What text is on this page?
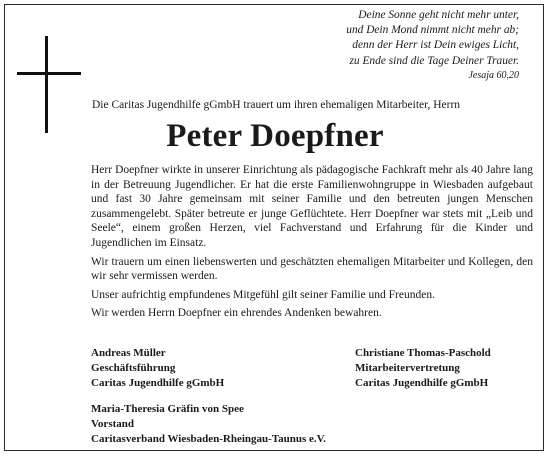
Deine Sonne geht nicht mehr unter,
und Dein Mond nimmt nicht mehr ab;
denn der Herr ist Dein ewiges Licht,
zu Ende sind die Tage Deiner Trauer.
Jesaja 60,20
Die Caritas Jugendhilfe gGmbH trauert um ihren ehemaligen Mitarbeiter, Herrn
Peter Doepfner

Herr Doepfner wirkte in unserer Einrichtung als pädagogische Fachkraft mehr als 40 Jahre lang in der Betreuung Jugendlicher. Er hat die erste Familienwohngruppe in Wiesbaden aufgebaut und fast 30 Jahre gemeinsam mit seiner Familie und den betreuten jungen Menschen zusammengelebt. Später betreute er junge Geflüchtete. Herr Doepfner war stets mit „Leib und Seele“, einem großen Herzen, viel Fachverstand und Erfahrung für die Kinder und Jugendlichen im Einsatz.

Wir trauern um einen liebenswerten und geschätzten ehemaligen Mitarbeiter und Kollegen, den wir sehr vermissen werden.

Unser aufrichtig empfundenes Mitgefühl gilt seiner Familie und Freunden.

Wir werden Herrn Doepfner ein ehrendes Andenken bewahren.

Andreas Müller
Geschäftsführung
Caritas Jugendhilfe gGmbH
Christiane Thomas-Paschold
Mitarbeitervertretung
Caritas Jugendhilfe gGmbH
Maria-Theresia Gräfin von Spee
Vorstand
Caritasverband Wiesbaden-Rheingau-Taunus e.V.
